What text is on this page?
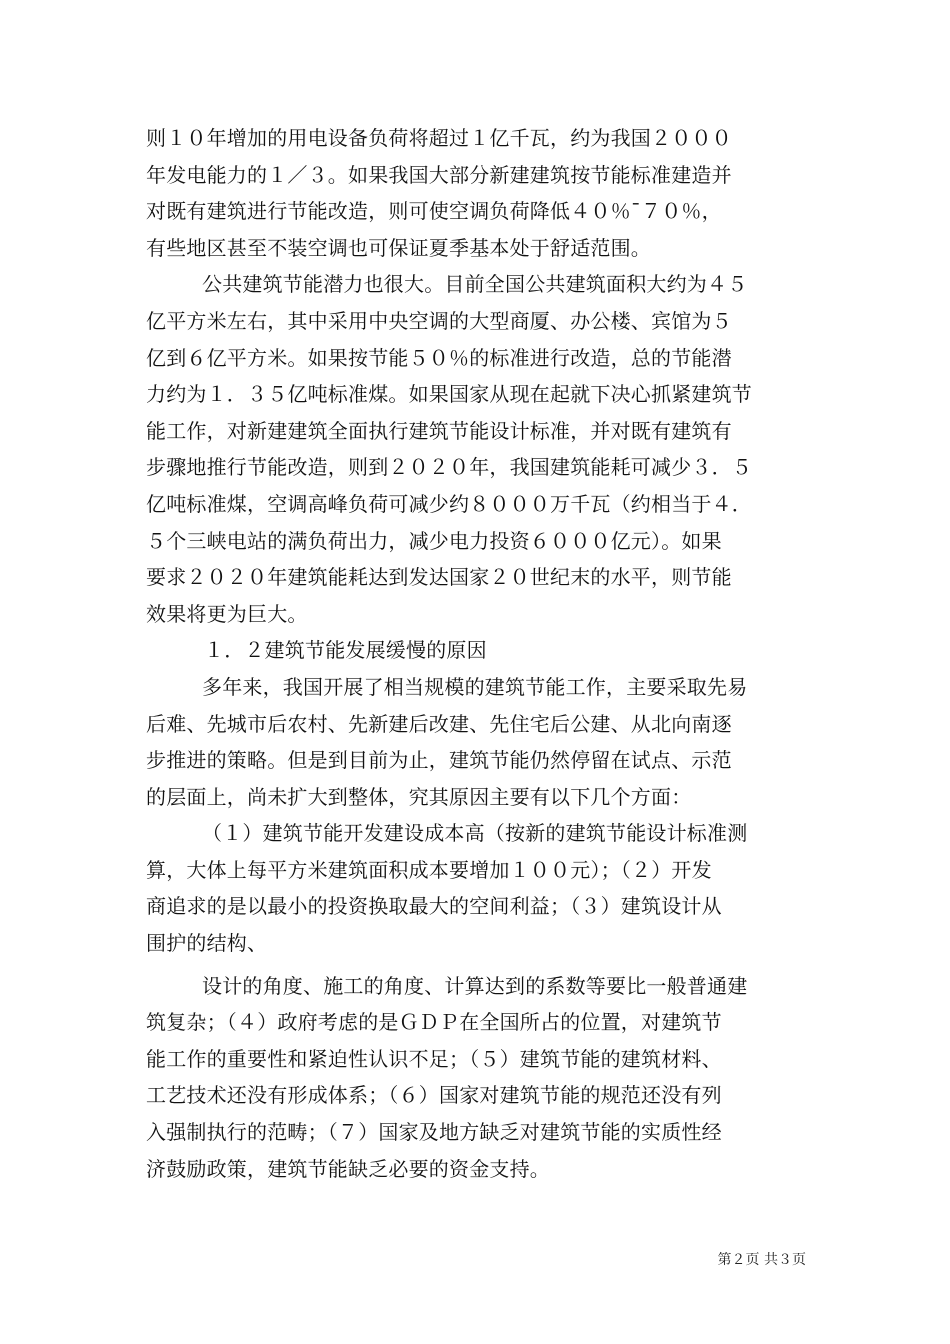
则１０年增加的用电设备负荷将超过１亿千瓦，约为我国２０００
年发电能力的１／３。如果我国大部分新建建筑按节能标准建造并
对既有建筑进行节能改造，则可使空调负荷降低４０％¯７０％，
有些地区甚至不装空调也可保证夏季基本处于舒适范围。
公共建筑节能潜力也很大。目前全国公共建筑面积大约为４５
亿平方米左右，其中采用中央空调的大型商厦、办公楼、宾馆为５
亿到６亿平方米。如果按节能５０％的标准进行改造，总的节能潜
力约为１．３５亿吨标准煤。如果国家从现在起就下决心抓紧建筑节
能工作，对新建建筑全面执行建筑节能设计标准，并对既有建筑有
步骤地推行节能改造，则到２０２０年，我国建筑能耗可减少３．５
亿吨标准煤，空调高峰负荷可减少约８０００万千瓦（约相当于４．
５个三峡电站的满负荷出力，减少电力投资６０００亿元）。如果
要求２０２０年建筑能耗达到发达国家２０世纪末的水平，则节能
效果将更为巨大。
１．２建筑节能发展缓慢的原因
多年来，我国开展了相当规模的建筑节能工作，主要采取先易
后难、先城市后农村、先新建后改建、先住宅后公建、从北向南逐
步推进的策略。但是到目前为止，建筑节能仍然停留在试点、示范
的层面上，尚未扩大到整体，究其原因主要有以下几个方面：
（１）建筑节能开发建设成本高（按新的建筑节能设计标准测
算，大体上每平方米建筑面积成本要增加１００元）；（２）开发
商追求的是以最小的投资换取最大的空间利益；（３）建筑设计从
围护的结构、
设计的角度、施工的角度、计算达到的系数等要比一般普通建
筑复杂；（４）政府考虑的是ＧＤＰ在全国所占的位置，对建筑节
能工作的重要性和紧迫性认识不足；（５）建筑节能的建筑材料、
工艺技术还没有形成体系；（６）国家对建筑节能的规范还没有列
入强制执行的范畴；（７）国家及地方缺乏对建筑节能的实质性经
济鼓励政策，建筑节能缺乏必要的资金支持。
第２页 共３页
